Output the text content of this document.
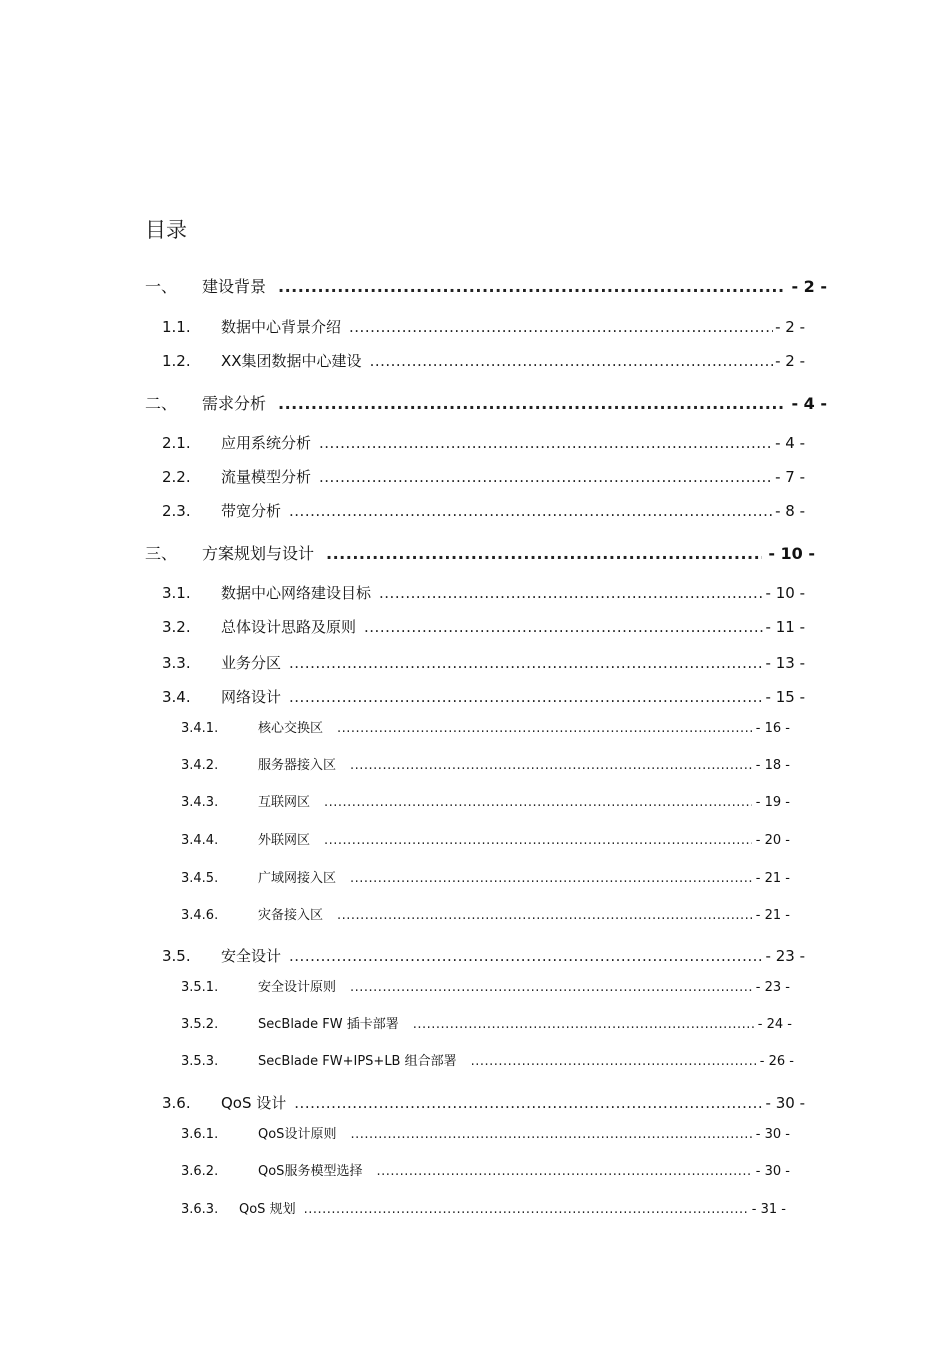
目录
一、	建设背景 .....	- 2 -
1.1.	数据中心背景介绍 .....	- 2 -
1.2.	XX集团数据中心建设 .....	- 2 -
二、	需求分析 .....	- 4 -
2.1.	应用系统分析 .....	- 4 -
2.2.	流量模型分析 .....	- 7 -
2.3.	带宽分析 .....	- 8 -
三、	方案规划与设计 .....	- 10 -
3.1.	数据中心网络建设目标 .....	- 10 -
3.2.	总体设计思路及原则 .....	- 11 -
3.3.	业务分区 .....	- 13 -
3.4.	网络设计 .....	- 15 -
3.4.1.	核心交换区 .....	- 16 -
3.4.2.	服务器接入区 .....	- 18 -
3.4.3.	互联网区 .....	- 19 -
3.4.4.	外联网区 .....	- 20 -
3.4.5.	广域网接入区 .....	- 21 -
3.4.6.	灾备接入区 .....	- 21 -
3.5.	安全设计 .....	- 23 -
3.5.1.	安全设计原则 .....	- 23 -
3.5.2.	SecBlade FW 插卡部署 .....	- 24 -
3.5.3.	SecBlade FW+IPS+LB 组合部署 .....	- 26 -
3.6.	QoS 设计 .....	- 30 -
3.6.1.	QoS设计原则 .....	- 30 -
3.6.2.	QoS服务模型选择 .....	- 30 -
3.6.3.	QoS 规划 .....	- 31 -
